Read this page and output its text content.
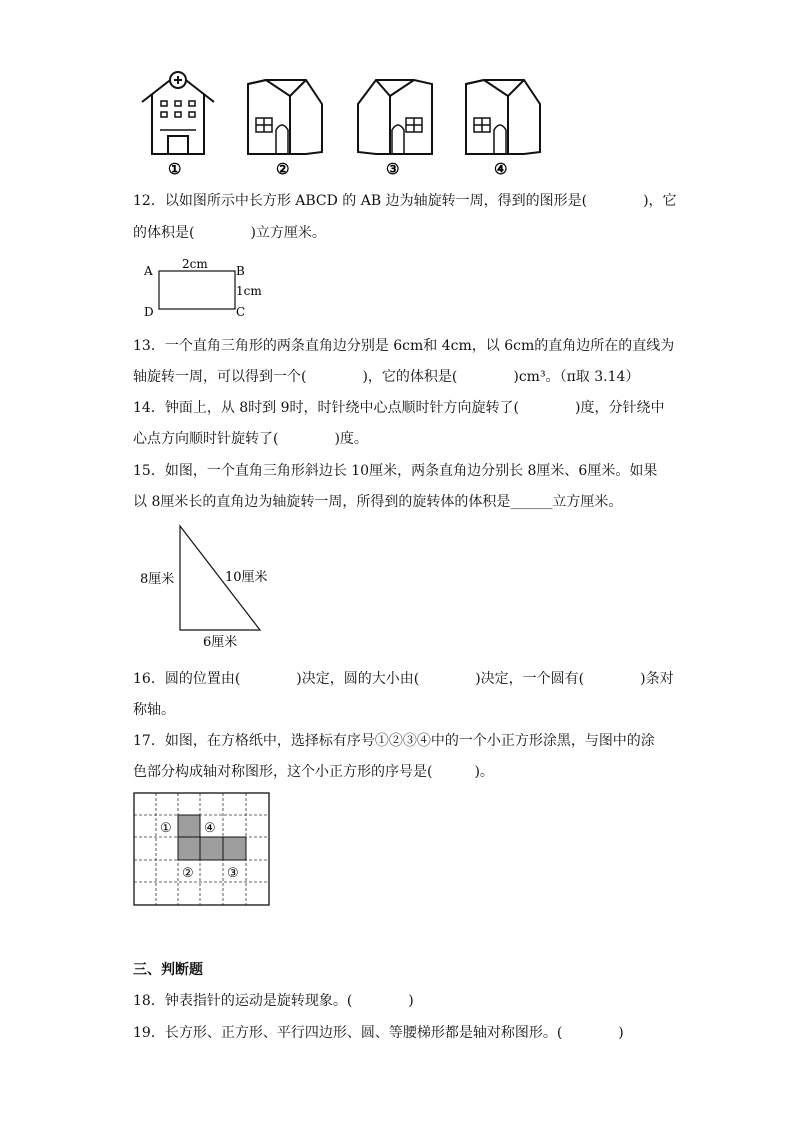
①	②	③	④
12．以如图所示中长方形 ABCD 的 AB 边为轴旋转一周，得到的图形是(　　　　)，它
的体积是(　　　　)立方厘米。
A	B
C
D
2cm
1cm
13．一个直角三角形的两条直角边分别是 6cm和 4cm，以 6cm的直角边所在的直线为
轴旋转一周，可以得到一个(　　　　)，它的体积是(　　　　)cm³。（π取 3.14）
14．钟面上，从 8时到 9时，时针绕中心点顺时针方向旋转了(　　　　)度，分针绕中
心点方向顺时针旋转了(　　　　)度。
15．如图，一个直角三角形斜边长 10厘米，两条直角边分别长 8厘米、6厘米。如果
以 8厘米长的直角边为轴旋转一周，所得到的旋转体的体积是______立方厘米。
8厘米	10厘米
6厘米
16．圆的位置由(　　　　)决定，圆的大小由(　　　　)决定，一个圆有(　　　　)条对
称轴。
17．如图，在方格纸中，选择标有序号①②③④中的一个小正方形涂黑，与图中的涂
色部分构成轴对称图形，这个小正方形的序号是(　　　)。
① ④
②	③
三、判断题
18．钟表指针的运动是旋转现象。(　　　　)
19．长方形、正方形、平行四边形、圆、等腰梯形都是轴对称图形。(　　　　)
